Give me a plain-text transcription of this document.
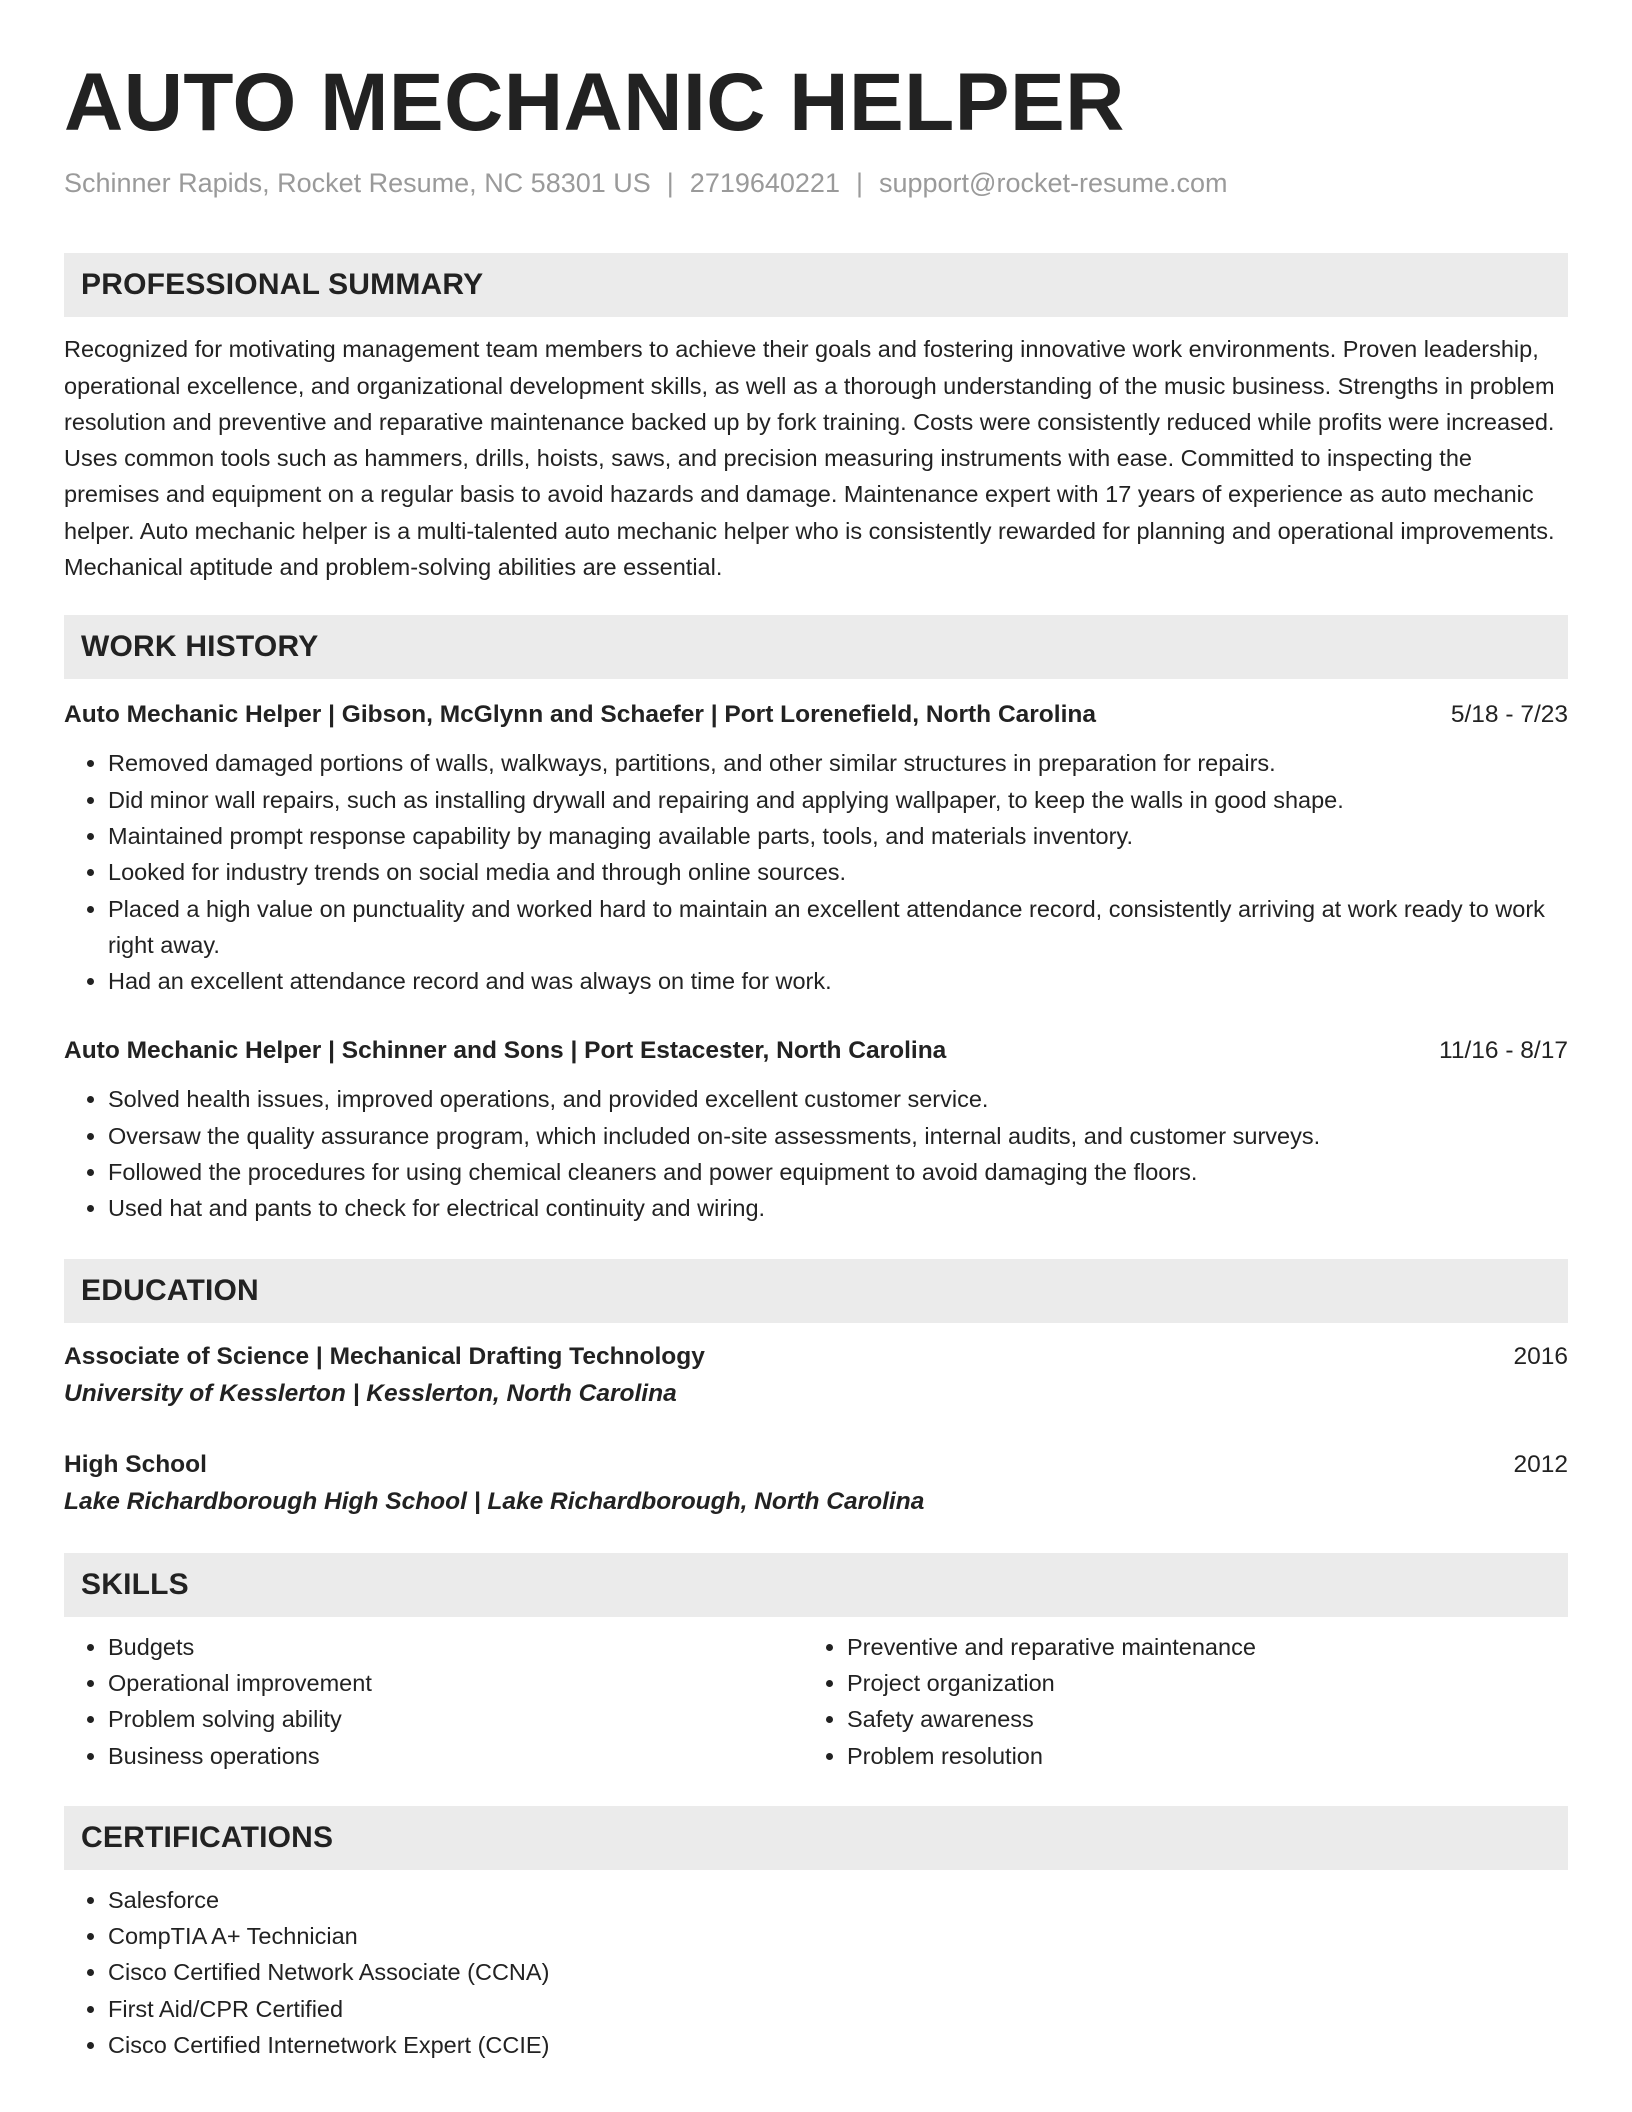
AUTO MECHANIC HELPER
Schinner Rapids, Rocket Resume, NC 58301 US | 2719640221 | support@rocket-resume.com
PROFESSIONAL SUMMARY
Recognized for motivating management team members to achieve their goals and fostering innovative work environments. Proven leadership, operational excellence, and organizational development skills, as well as a thorough understanding of the music business. Strengths in problem resolution and preventive and reparative maintenance backed up by fork training. Costs were consistently reduced while profits were increased. Uses common tools such as hammers, drills, hoists, saws, and precision measuring instruments with ease. Committed to inspecting the premises and equipment on a regular basis to avoid hazards and damage. Maintenance expert with 17 years of experience as auto mechanic helper. Auto mechanic helper is a multi-talented auto mechanic helper who is consistently rewarded for planning and operational improvements. Mechanical aptitude and problem-solving abilities are essential.
WORK HISTORY
Auto Mechanic Helper | Gibson, McGlynn and Schaefer | Port Lorenefield, North Carolina	5/18 - 7/23
• Removed damaged portions of walls, walkways, partitions, and other similar structures in preparation for repairs.
• Did minor wall repairs, such as installing drywall and repairing and applying wallpaper, to keep the walls in good shape.
• Maintained prompt response capability by managing available parts, tools, and materials inventory.
• Looked for industry trends on social media and through online sources.
• Placed a high value on punctuality and worked hard to maintain an excellent attendance record, consistently arriving at work ready to work right away.
• Had an excellent attendance record and was always on time for work.
Auto Mechanic Helper | Schinner and Sons | Port Estacester, North Carolina	11/16 - 8/17
• Solved health issues, improved operations, and provided excellent customer service.
• Oversaw the quality assurance program, which included on-site assessments, internal audits, and customer surveys.
• Followed the procedures for using chemical cleaners and power equipment to avoid damaging the floors.
• Used hat and pants to check for electrical continuity and wiring.
EDUCATION
Associate of Science | Mechanical Drafting Technology	2016
University of Kesslerton | Kesslerton, North Carolina
High School	2012
Lake Richardborough High School | Lake Richardborough, North Carolina
SKILLS
• Budgets
• Operational improvement
• Problem solving ability
• Business operations
• Preventive and reparative maintenance
• Project organization
• Safety awareness
• Problem resolution
CERTIFICATIONS
• Salesforce
• CompTIA A+ Technician
• Cisco Certified Network Associate (CCNA)
• First Aid/CPR Certified
• Cisco Certified Internetwork Expert (CCIE)
